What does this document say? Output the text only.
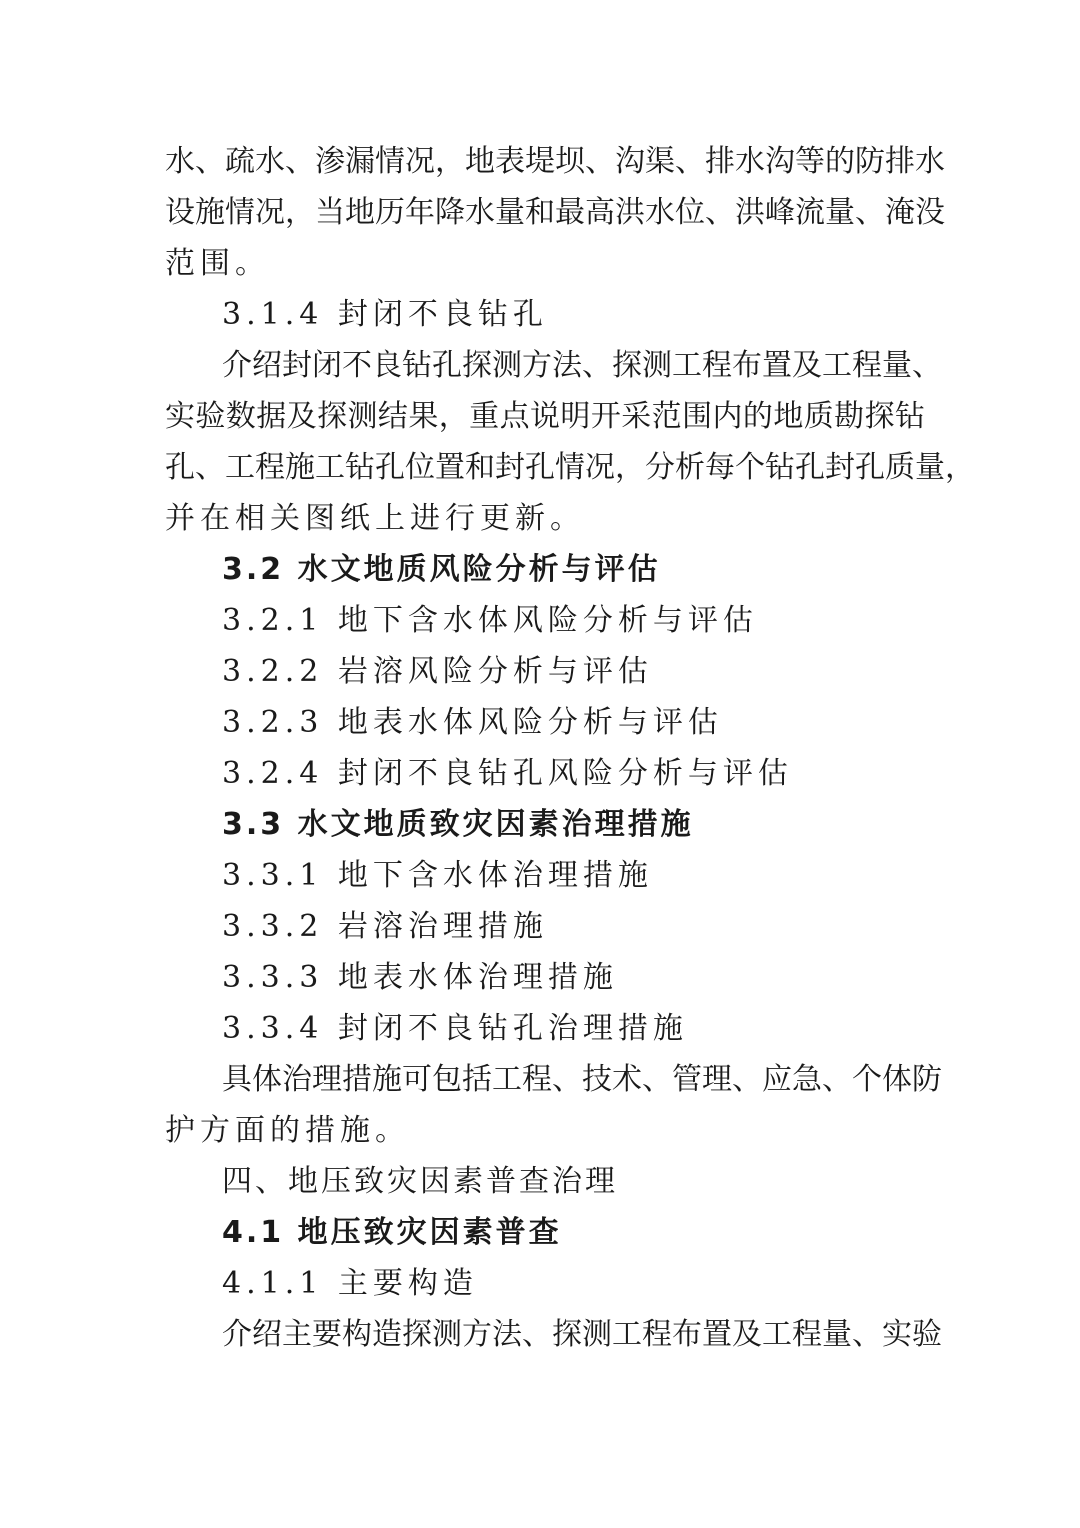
水、疏水、渗漏情况，地表堤坝、沟渠、排水沟等的防排水

设施情况，当地历年降水量和最高洪水位、洪峰流量、淹没

范围。

3.1.4 封闭不良钻孔

介绍封闭不良钻孔探测方法、探测工程布置及工程量、

实验数据及探测结果，重点说明开采范围内的地质勘探钻

孔、工程施工钻孔位置和封孔情况，分析每个钻孔封孔质量，

并在相关图纸上进行更新。

3.2 水文地质风险分析与评估

3.2.1 地下含水体风险分析与评估

3.2.2 岩溶风险分析与评估

3.2.3 地表水体风险分析与评估

3.2.4 封闭不良钻孔风险分析与评估

3.3 水文地质致灾因素治理措施

3.3.1 地下含水体治理措施

3.3.2 岩溶治理措施

3.3.3 地表水体治理措施

3.3.4 封闭不良钻孔治理措施

具体治理措施可包括工程、技术、管理、应急、个体防

护方面的措施。

四、地压致灾因素普查治理

4.1 地压致灾因素普查

4.1.1 主要构造

介绍主要构造探测方法、探测工程布置及工程量、实验
